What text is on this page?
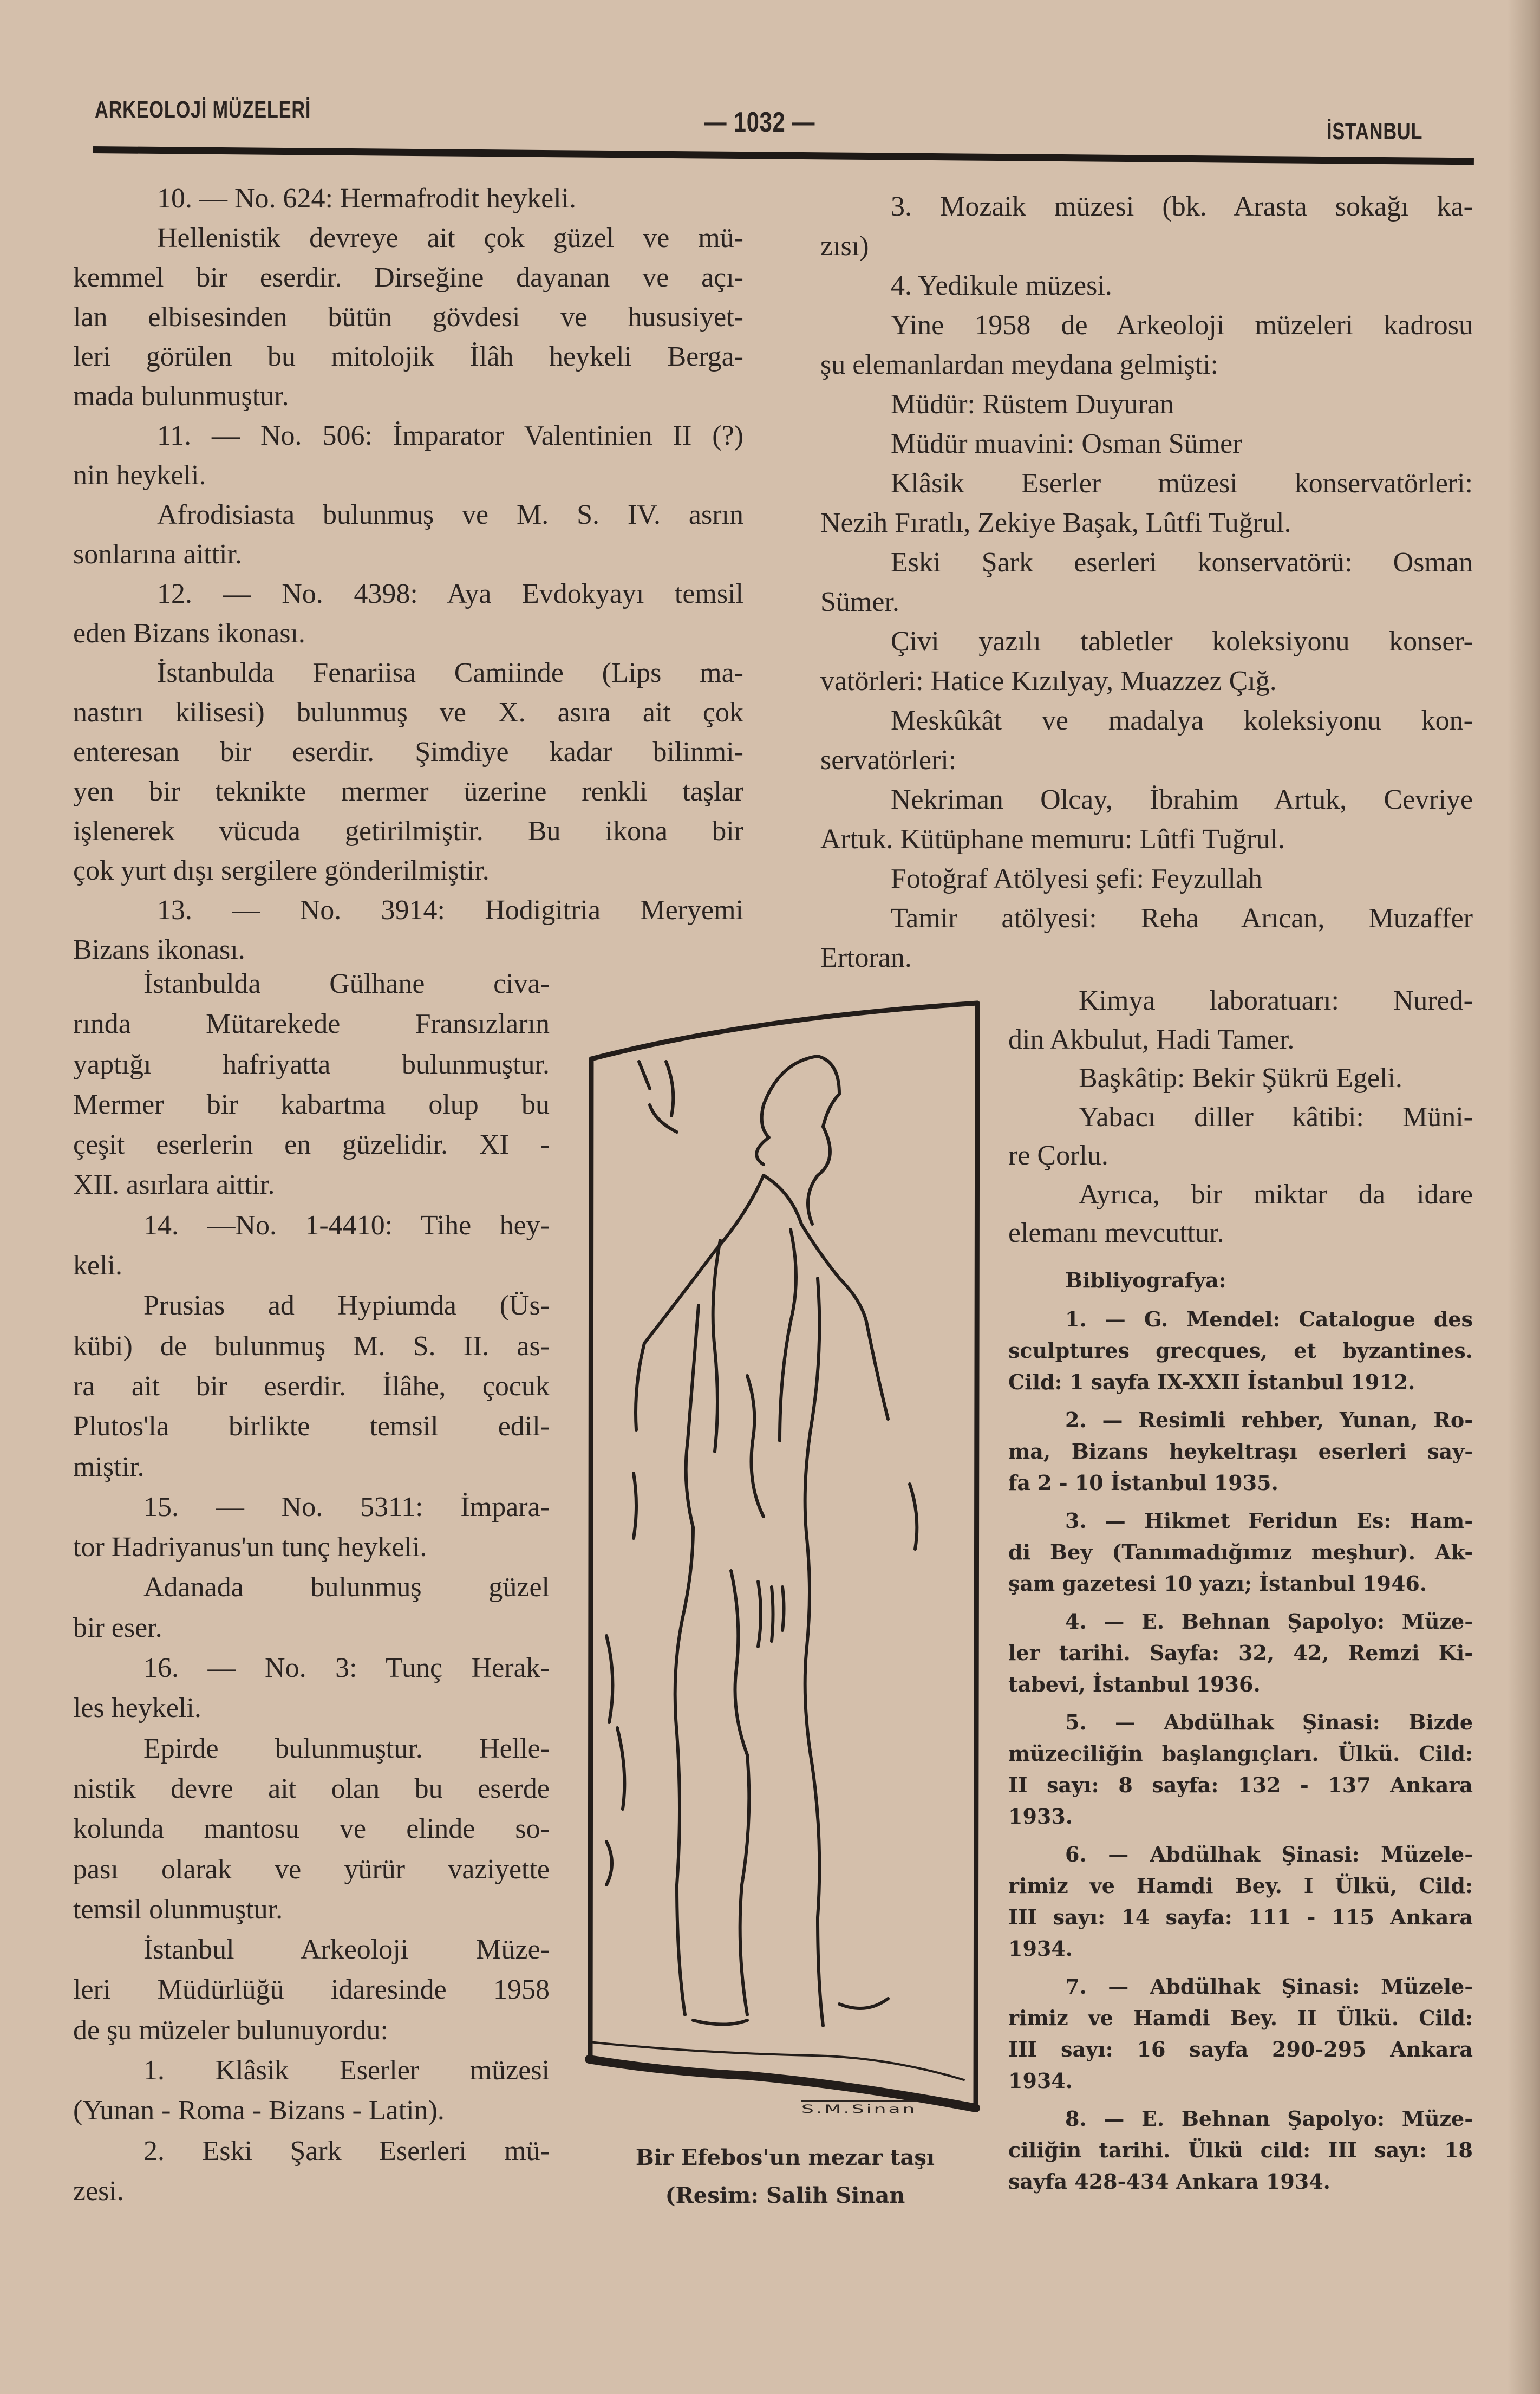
ARKEOLOJİ MÜZELERİ	— 1032 —	İSTANBUL
10. — No. 624: Hermafrodit heykeli.
Hellenistik devreye ait çok güzel ve mü-
kemmel bir eserdir. Dirseğine dayanan ve açı-
lan elbisesinden bütün gövdesi ve hususiyet-
leri görülen bu mitolojik İlâh heykeli Berga-
mada bulunmuştur.
11. — No. 506: İmparator Valentinien II (?)
nin heykeli.
Afrodisiasta bulunmuş ve M. S. IV. asrın
sonlarına aittir.
12. — No. 4398: Aya Evdokyayı temsil
eden Bizans ikonası.
İstanbulda Fenariisa Camiinde (Lips ma-
nastırı kilisesi) bulunmuş ve X. asıra ait çok
enteresan bir eserdir. Şimdiye kadar bilinmi-
yen bir teknikte mermer üzerine renkli taşlar
işlenerek vücuda getirilmiştir. Bu ikona bir
çok yurt dışı sergilere gönderilmiştir.
13. — No. 3914: Hodigitria Meryemi
Bizans ikonası.
İstanbulda Gülhane civa-
rında Mütarekede Fransızların
yaptığı hafriyatta bulunmuştur.
Mermer bir kabartma olup bu
çeşit eserlerin en güzelidir. XI -
XII. asırlara aittir.
14. —No. 1-4410: Tihe hey-
keli.
Prusias ad Hypiumda (Üs-
kübi) de bulunmuş M. S. II. as-
ra ait bir eserdir. İlâhe, çocuk
Plutos'la birlikte temsil edil-
miştir.
15. — No. 5311: İmpara-
tor Hadriyanus'un tunç heykeli.
Adanada bulunmuş güzel
bir eser.
16. — No. 3: Tunç Herak-
les heykeli.
Epirde bulunmuştur. Helle-
nistik devre ait olan bu eserde
kolunda mantosu ve elinde so-
pası olarak ve yürür vaziyette
temsil olunmuştur.
İstanbul Arkeoloji Müze-
leri Müdürlüğü idaresinde 1958
de şu müzeler bulunuyordu:
1. Klâsik Eserler müzesi
(Yunan - Roma - Bizans - Latin).
2. Eski Şark Eserleri mü-
zesi.
3. Mozaik müzesi (bk. Arasta sokağı ka-
zısı)
4. Yedikule müzesi.
Yine 1958 de Arkeoloji müzeleri kadrosu
şu elemanlardan meydana gelmişti:
Müdür: Rüstem Duyuran
Müdür muavini: Osman Sümer
Klâsik Eserler müzesi konservatörleri:
Nezih Fıratlı, Zekiye Başak, Lûtfi Tuğrul.
Eski Şark eserleri konservatörü: Osman
Sümer.
Çivi yazılı tabletler koleksiyonu konser-
vatörleri: Hatice Kızılyay, Muazzez Çığ.
Meskûkât ve madalya koleksiyonu kon-
servatörleri:
Nekriman Olcay, İbrahim Artuk, Cevriye
Artuk. Kütüphane memuru: Lûtfi Tuğrul.
Fotoğraf Atölyesi şefi: Feyzullah
Tamir atölyesi: Reha Arıcan, Muzaffer
Ertoran.
Kimya laboratuarı: Nured-
din Akbulut, Hadi Tamer.
Başkâtip: Bekir Şükrü Egeli.
Yabacı diller kâtibi: Müni-
re Çorlu.
Ayrıca, bir miktar da idare
elemanı mevcuttur.
Bibliyografya:
1. — G. Mendel: Catalogue des
sculptures grecques, et byzantines.
Cild: 1 sayfa IX-XXII İstanbul 1912.
2. — Resimli rehber, Yunan, Ro-
ma, Bizans heykeltraşı eserleri say-
fa 2 - 10 İstanbul 1935.
3. — Hikmet Feridun Es: Ham-
di Bey (Tanımadığımız meşhur). Ak-
şam gazetesi 10 yazı; İstanbul 1946.
4. — E. Behnan Şapolyo: Müze-
ler tarihi. Sayfa: 32, 42, Remzi Ki-
tabevi, İstanbul 1936.
5. — Abdülhak Şinasi: Bizde
müzeciliğin başlangıçları. Ülkü. Cild:
II sayı: 8 sayfa: 132 - 137 Ankara
1933.
6. — Abdülhak Şinasi: Müzele-
rimiz ve Hamdi Bey. I Ülkü, Cild:
III sayı: 14 sayfa: 111 - 115 Ankara
1934.
7. — Abdülhak Şinasi: Müzele-
rimiz ve Hamdi Bey. II Ülkü. Cild:
III sayı: 16 sayfa 290-295 Ankara
1934.
8. — E. Behnan Şapolyo: Müze-
ciliğin tarihi. Ülkü cild: III sayı: 18
sayfa 428-434 Ankara 1934.
S.M.Sinan
Bir Efebos'un mezar taşı
(Resim: Salih Sinan
